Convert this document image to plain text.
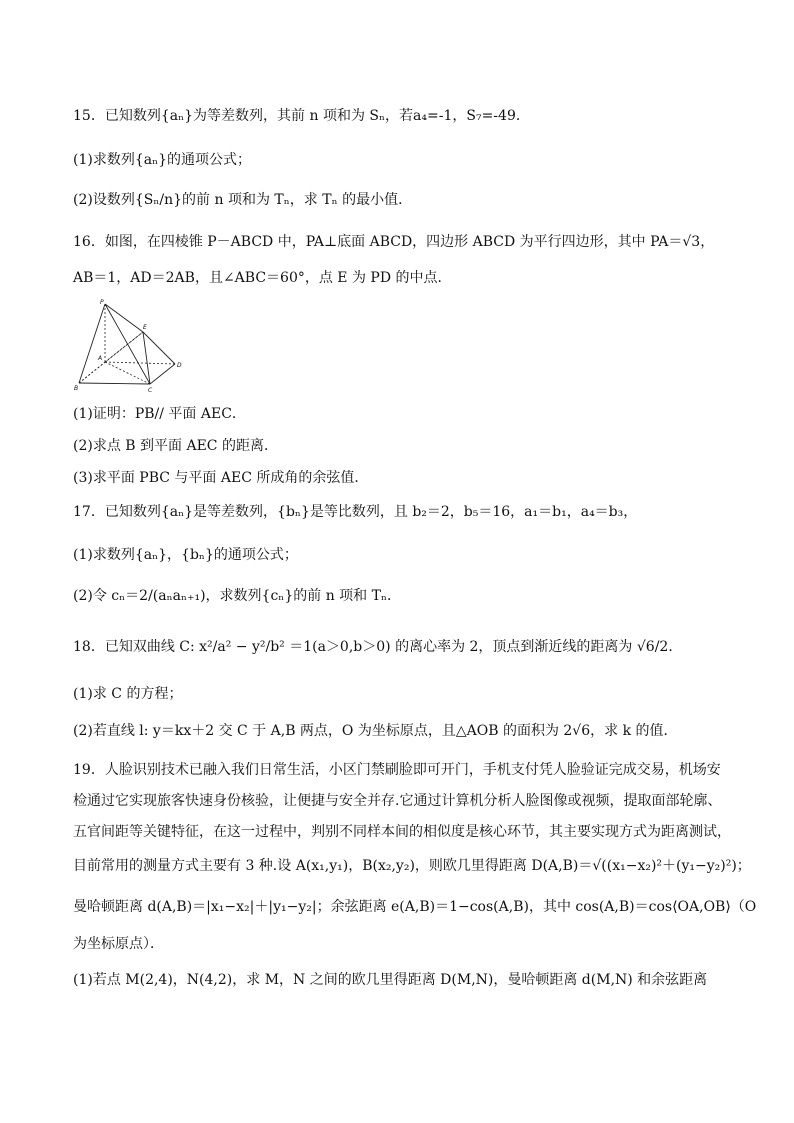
15．已知数列{aₙ}为等差数列，其前 n 项和为 Sₙ，若a₄=-1，S₇=-49．
(1)求数列{aₙ}的通项公式；
(2)设数列{Sₙ/n}的前 n 项和为 Tₙ，求 Tₙ 的最小值．
16．如图，在四棱锥 P－ABCD 中，PA⊥底面 ABCD，四边形 ABCD 为平行四边形，其中 PA＝√3，
AB＝1，AD＝2AB，且∠ABC＝60°，点 E 为 PD 的中点．
P
E
A
B	C
D
(1)证明：PB// 平面 AEC．
(2)求点 B 到平面 AEC 的距离．
(3)求平面 PBC 与平面 AEC 所成角的余弦值．
17．已知数列{aₙ}是等差数列，{bₙ}是等比数列，且 b₂＝2，b₅＝16，a₁＝b₁，a₄＝b₃，
(1)求数列{aₙ}，{bₙ}的通项公式；
(2)令 cₙ＝2/(aₙaₙ₊₁)，求数列{cₙ}的前 n 项和 Tₙ．
18．已知双曲线 C: x²/a² − y²/b² ＝1(a＞0,b＞0) 的离心率为 2，顶点到渐近线的距离为 √6/2．
(1)求 C 的方程；
(2)若直线 l: y＝kx＋2 交 C 于 A,B 两点，O 为坐标原点，且△AOB 的面积为 2√6，求 k 的值．
19．人脸识别技术已融入我们日常生活，小区门禁刷脸即可开门，手机支付凭人脸验证完成交易，机场安
检通过它实现旅客快速身份核验，让便捷与安全并存.它通过计算机分析人脸图像或视频，提取面部轮廓、
五官间距等关键特征，在这一过程中，判别不同样本间的相似度是核心环节，其主要实现方式为距离测试，
目前常用的测量方式主要有 3 种.设 A(x₁,y₁)，B(x₂,y₂)，则欧几里得距离 D(A,B)＝√((x₁−x₂)²＋(y₁−y₂)²)；
曼哈顿距离 d(A,B)＝|x₁−x₂|＋|y₁−y₂|；余弦距离 e(A,B)＝1−cos(A,B)，其中 cos(A,B)＝cos⟨OA,OB⟩（O
为坐标原点）．
(1)若点 M(2,4)，N(4,2)，求 M，N 之间的欧几里得距离 D(M,N)，曼哈顿距离 d(M,N) 和余弦距离
